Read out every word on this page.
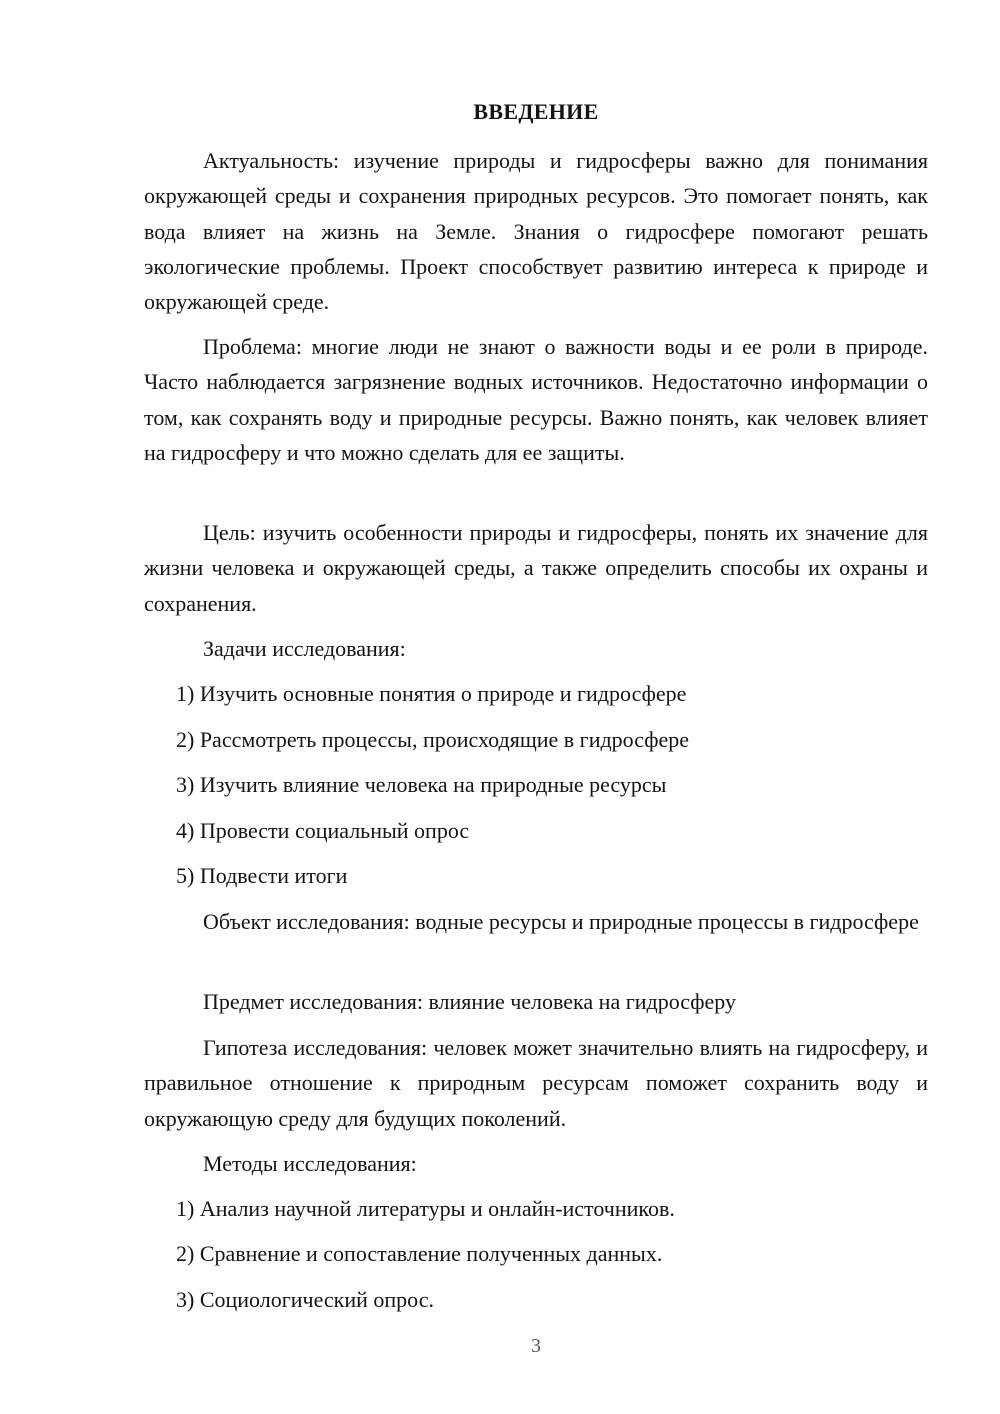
ВВЕДЕНИЕ

Актуальность: изучение природы и гидросферы важно для понимания окружающей среды и сохранения природных ресурсов. Это помогает понять, как вода влияет на жизнь на Земле. Знания о гидросфере помогают решать экологические проблемы. Проект способствует развитию интереса к природе и окружающей среде.

Проблема: многие люди не знают о важности воды и ее роли в природе. Часто наблюдается загрязнение водных источников. Недостаточно информации о том, как сохранять воду и природные ресурсы. Важно понять, как человек влияет на гидросферу и что можно сделать для ее защиты.

Цель: изучить особенности природы и гидросферы, понять их значение для жизни человека и окружающей среды, а также определить способы их охраны и сохранения.

Задачи исследования:

1) Изучить основные понятия о природе и гидросфере

2) Рассмотреть процессы, происходящие в гидросфере

3) Изучить влияние человека на природные ресурсы

4) Провести социальный опрос

5) Подвести итоги

Объект исследования: водные ресурсы и природные процессы в гидросфере

Предмет исследования: влияние человека на гидросферу

Гипотеза исследования: человек может значительно влиять на гидросферу, и правильное отношение к природным ресурсам поможет сохранить воду и окружающую среду для будущих поколений.

Методы исследования:

1) Анализ научной литературы и онлайн-источников.

2) Сравнение и сопоставление полученных данных.

3) Социологический опрос.

3
